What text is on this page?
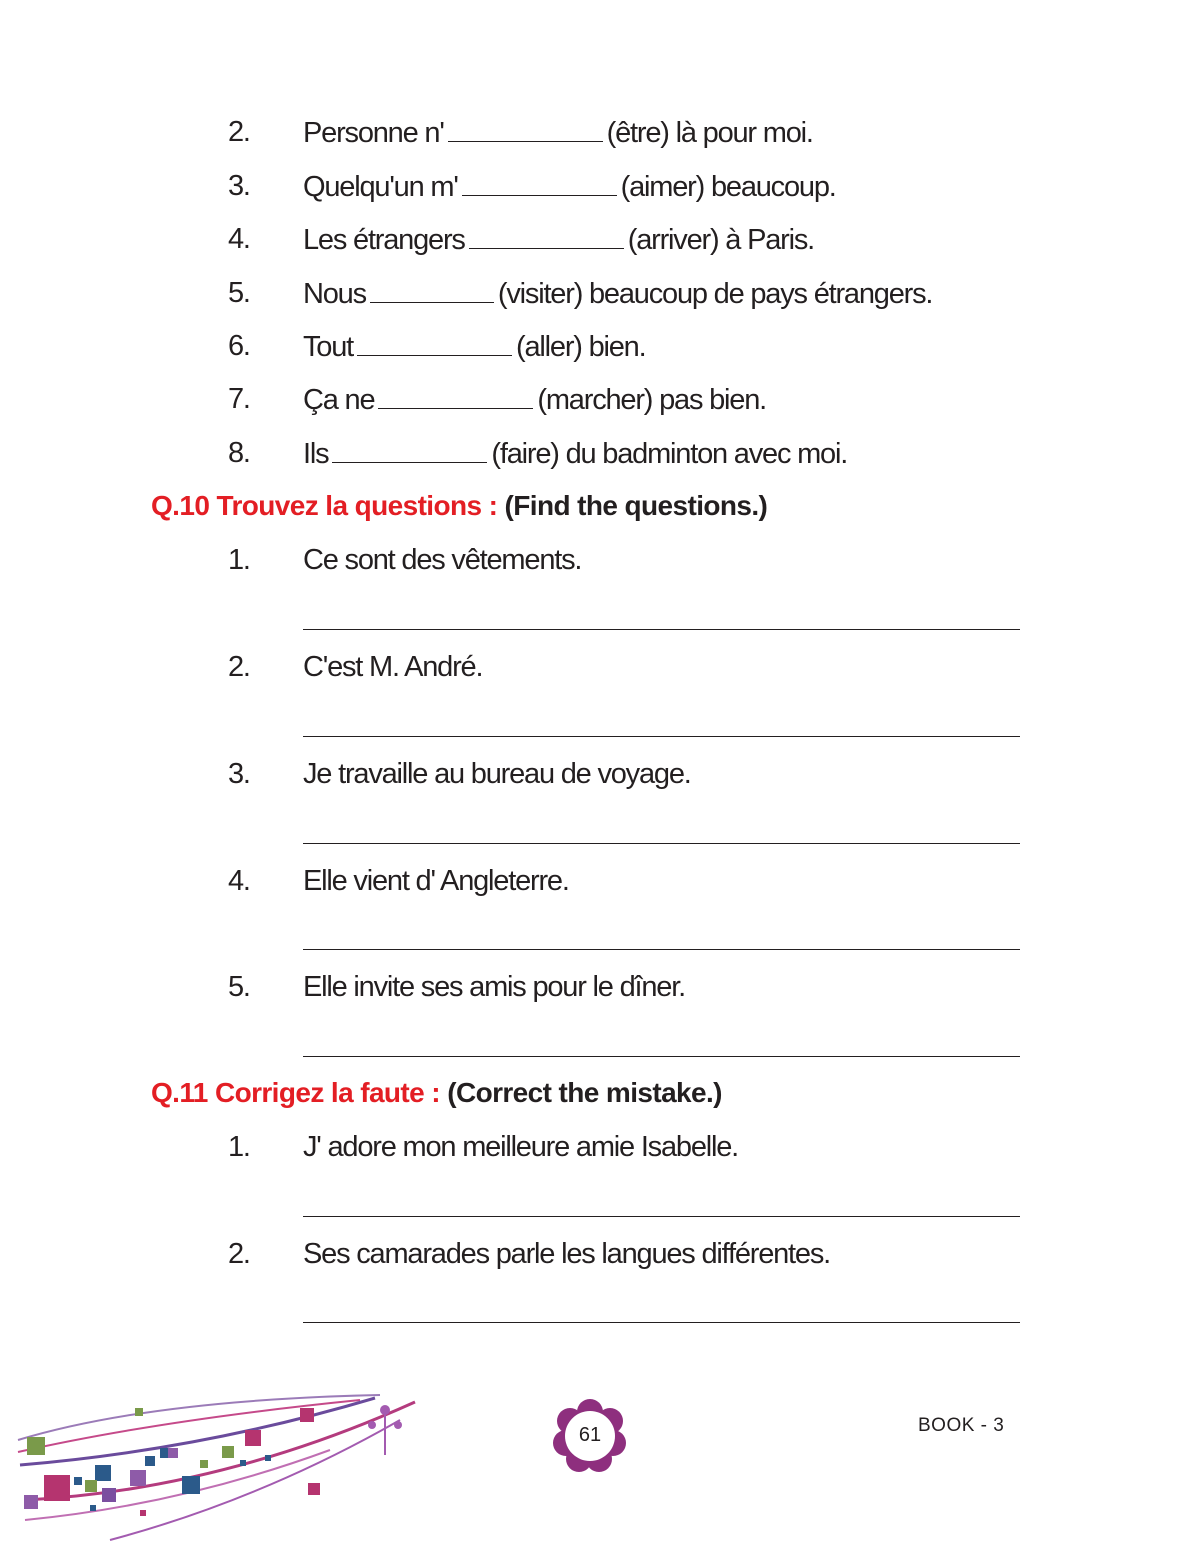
2. Personne n'	(être) là pour moi.
3. Quelqu'un m'	(aimer) beaucoup.
4. Les étrangers	(arriver) à Paris.
5. Nous	(visiter) beaucoup de pays étrangers.
6. Tout	(aller) bien.
7. Ça ne	(marcher) pas bien.
8. Ils	(faire) du badminton avec moi.
Q.10 Trouvez la questions : (Find the questions.)
1. Ce sont des vêtements.
2. C'est M. André.
3. Je travaille au bureau de voyage.
4. Elle vient d' Angleterre.
5. Elle invite ses amis pour le dîner.
Q.11 Corrigez la faute : (Correct the mistake.)
1. J' adore mon meilleure amie Isabelle.
2. Ses camarades parle les langues différentes.
61	BOOK - 3
